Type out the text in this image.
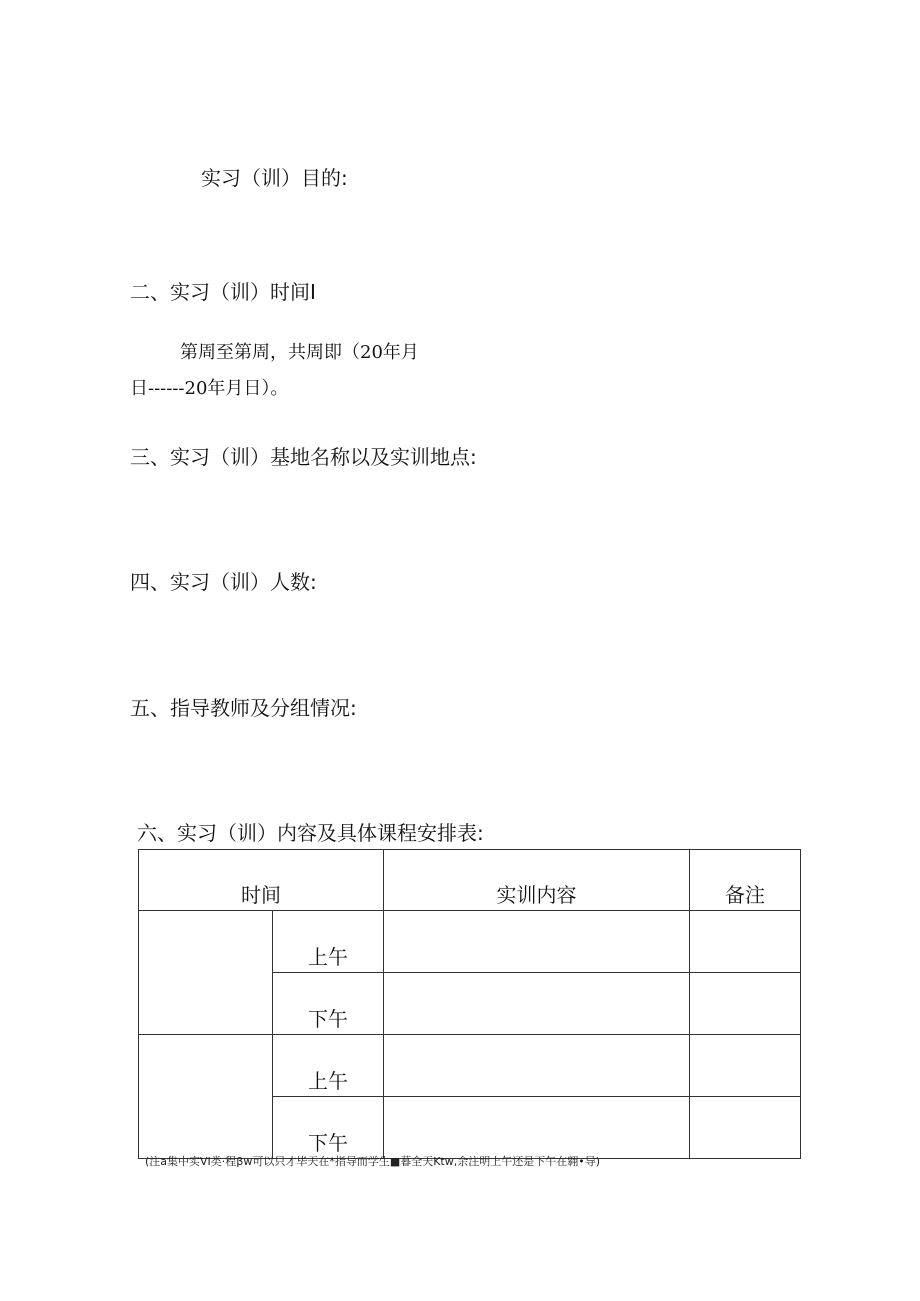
实习（训）目的:
二、实习（训）时间I
第周至第周，共周即（20年月
日------20年月日）。
三、实习（训）基地名称以及实训地点:
四、实习（训）人数:
五、指导教师及分组情况:
六、实习（训）内容及具体课程安排表:
时间		实训内容	备注
	上午		
	下午		
	上午		
	下午		
(注a集中实VI类·程βw可以只才毕天在*指导而学生■暮全天Ktw,余注明上午还是下午在翱•导)
